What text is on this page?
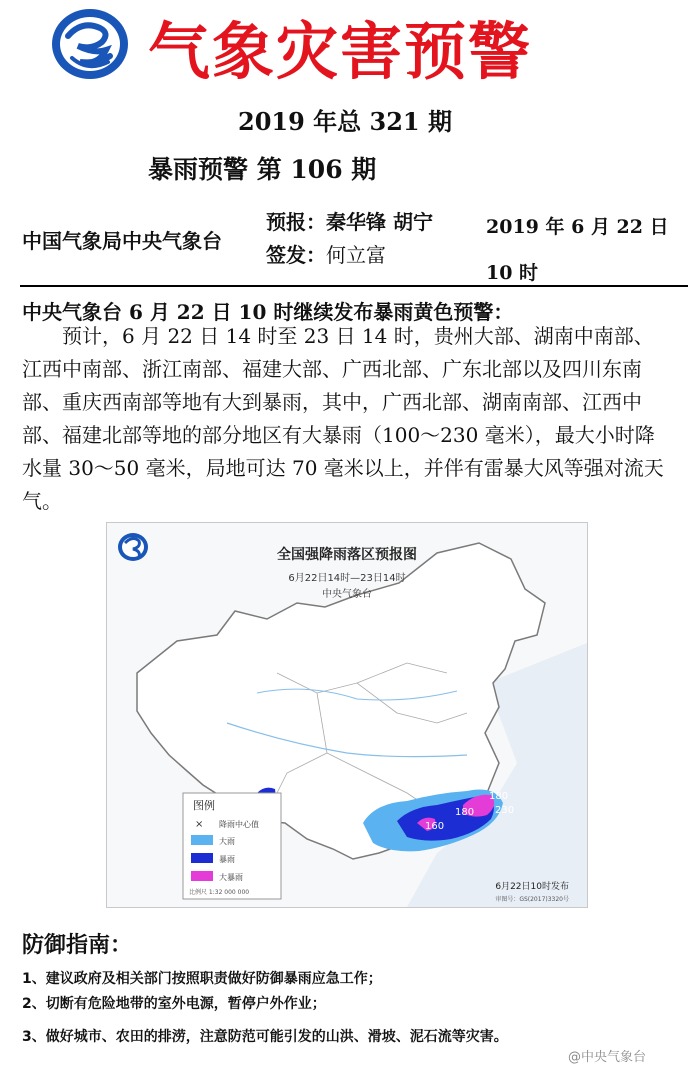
气象灾害预警
2019 年总 321 期
暴雨预警 第 106 期
中国气象局中央气象台
预报：秦华锋 胡宁
签发：何立富
2019 年 6 月 22 日 10 时
中央气象台 6 月 22 日 10 时继续发布暴雨黄色预警：
预计，6 月 22 日 14 时至 23 日 14 时，贵州大部、湖南中南部、江西中南部、浙江南部、福建大部、广西北部、广东北部以及四川东南部、重庆西南部等地有大到暴雨，其中，广西北部、湖南南部、江西中部、福建北部等地的部分地区有大暴雨（100～230 毫米），最大小时降水量 30～50 毫米，局地可达 70 毫米以上，并伴有雷暴大风等强对流天气。
180
180
160
230
全国强降雨落区预报图
6月22日14时—23日14时
中央气象台
图例
× 降雨中心值
大雨
暴雨
大暴雨
比例尺 1:32 000 000
6月22日10时发布
审图号：GS(2017)3320号
防御指南：
1、建议政府及相关部门按照职责做好防御暴雨应急工作；
2、切断有危险地带的室外电源，暂停户外作业；
3、做好城市、农田的排涝，注意防范可能引发的山洪、滑坡、泥石流等灾害。
@中央气象台
